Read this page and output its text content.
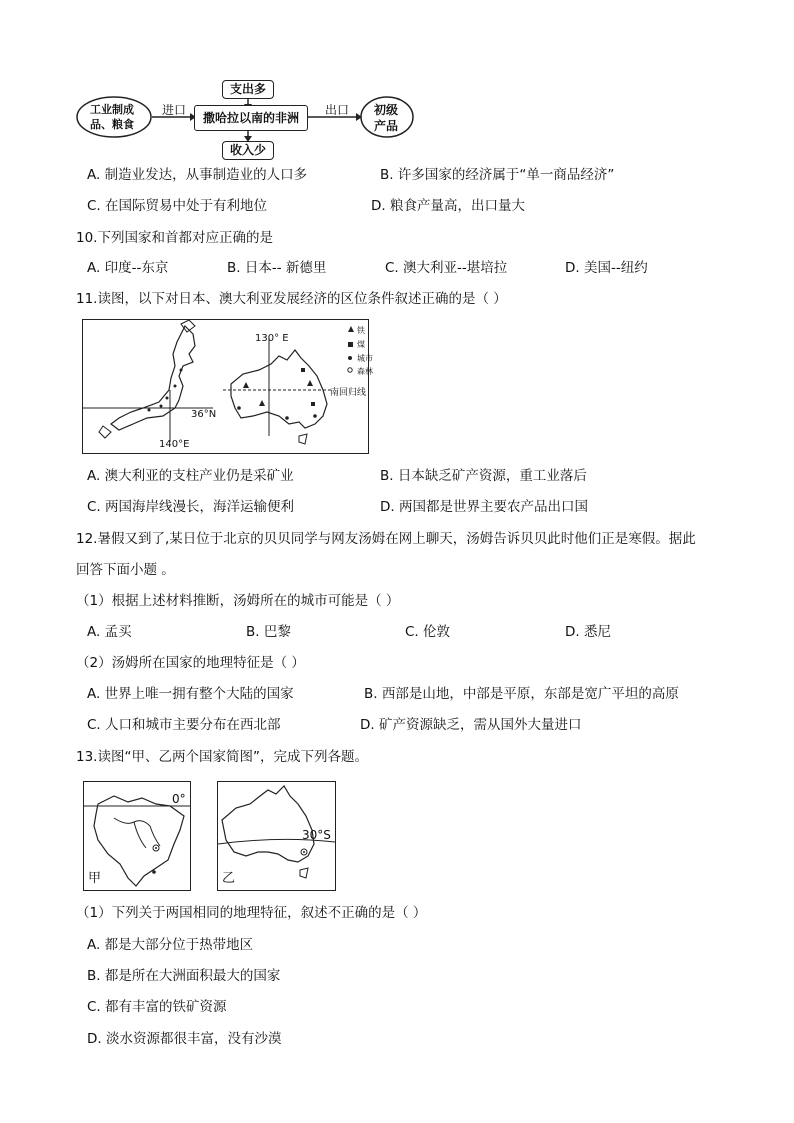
支出多
撒哈拉以南的非洲
收入少
工业制成
品、粮食
进口	出口 初级
产品
A. 制造业发达，从事制造业的人口多	B. 许多国家的经济属于“单一商品经济”
C. 在国际贸易中处于有利地位	D. 粮食产量高，出口量大
10.下列国家和首都对应正确的是
A. 印度--东京	B. 日本-- 新德里	C. 澳大利亚--堪培拉	D. 美国--纽约
11.读图，以下对日本、澳大利亚发展经济的区位条件叙述正确的是（ ）
130° E
36°N
140°E
南回归线
铁
煤
城市
森林
A. 澳大利亚的支柱产业仍是采矿业	B. 日本缺乏矿产资源，重工业落后
C. 两国海岸线漫长，海洋运输便利	D. 两国都是世界主要农产品出口国
12.暑假又到了,某日位于北京的贝贝同学与网友汤姆在网上聊天，汤姆告诉贝贝此时他们正是寒假。据此
回答下面小题 。
（1）根据上述材料推断，汤姆所在的城市可能是（ ）
A. 孟买	B. 巴黎	C. 伦敦	D. 悉尼
（2）汤姆所在国家的地理特征是（ ）
A. 世界上唯一拥有整个大陆的国家	B. 西部是山地，中部是平原，东部是宽广平坦的高原
C. 人口和城市主要分布在西北部	D. 矿产资源缺乏，需从国外大量进口
13.读图“甲、乙两个国家简图”，完成下列各题。
0°
甲
30°S
乙
（1）下列关于两国相同的地理特征，叙述不正确的是（ ）
A. 都是大部分位于热带地区
B. 都是所在大洲面积最大的国家
C. 都有丰富的铁矿资源
D. 淡水资源都很丰富，没有沙漠
